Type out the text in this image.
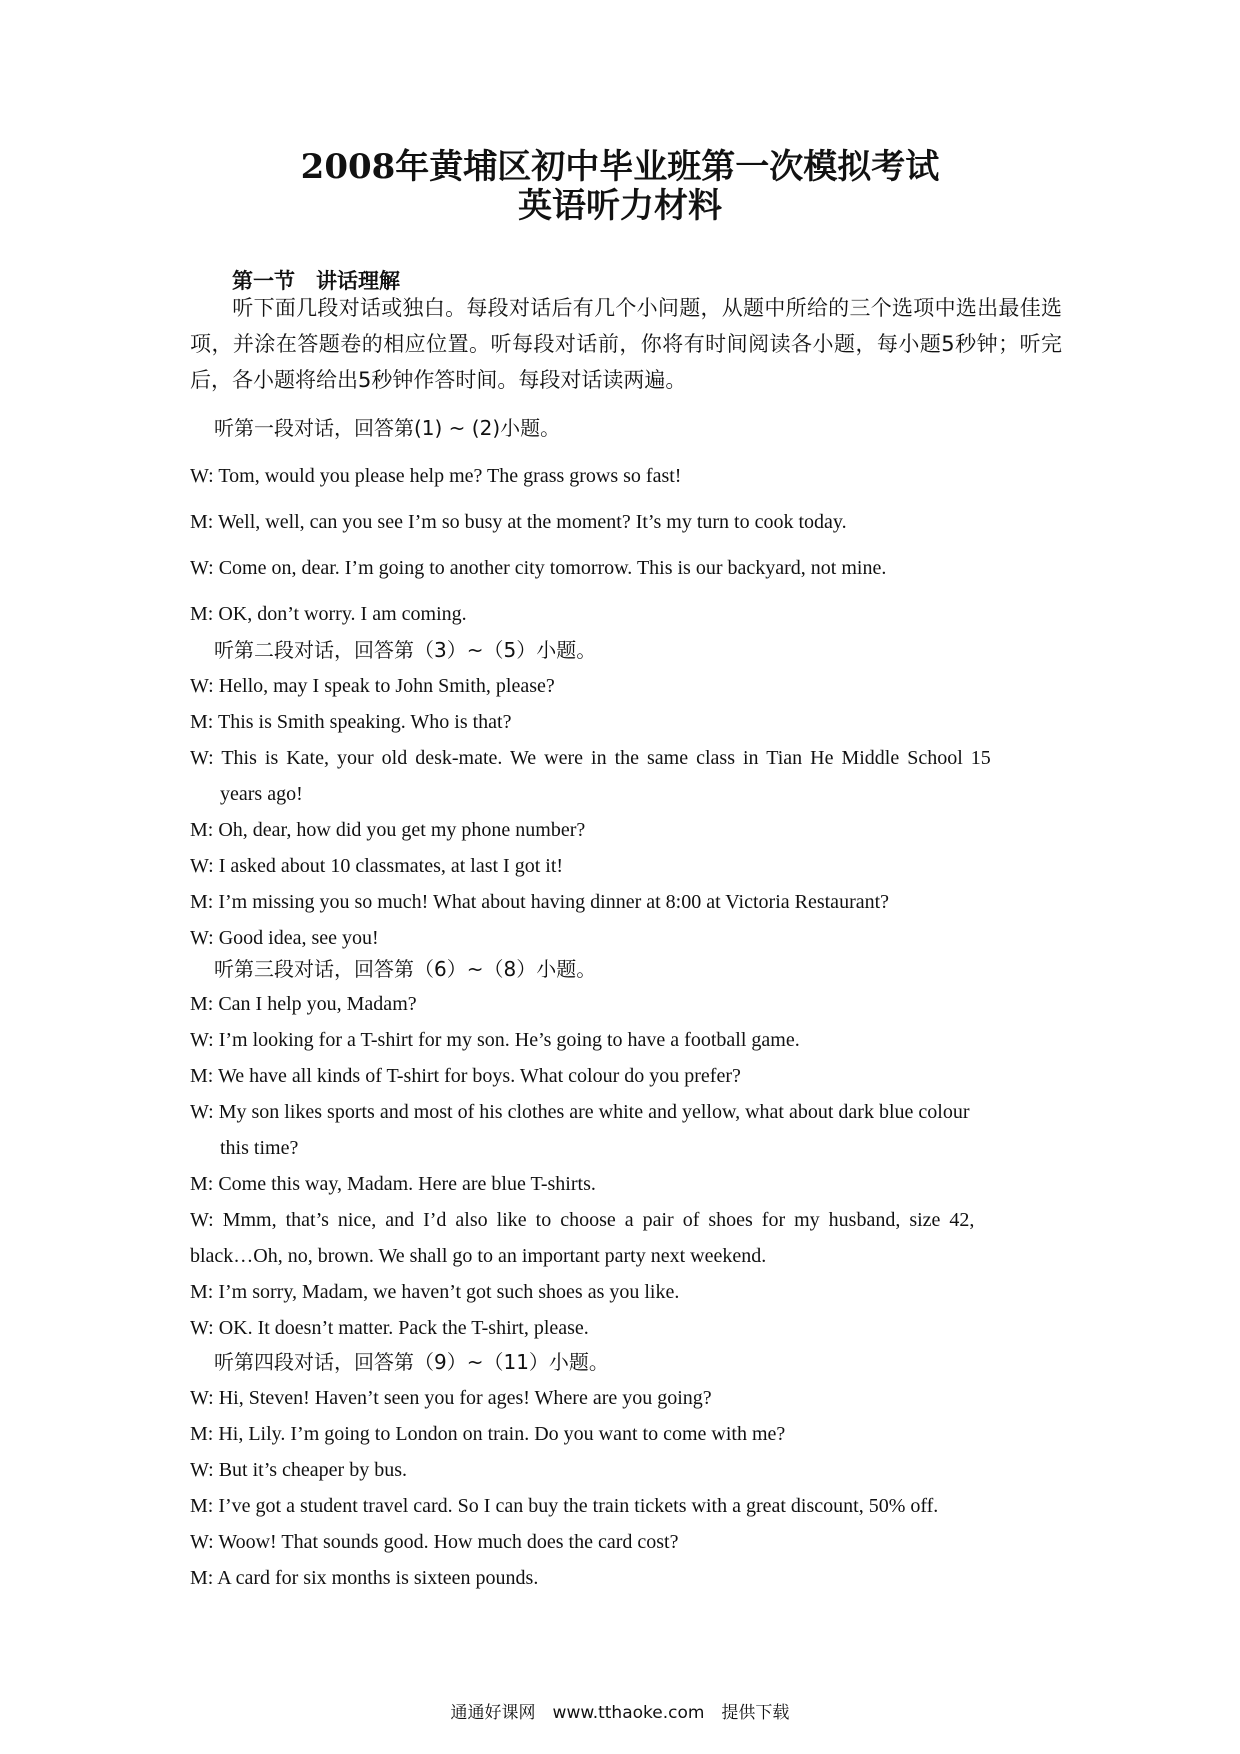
2008年黄埔区初中毕业班第一次模拟考试
英语听力材料
第一节　讲话理解
听下面几段对话或独白。每段对话后有几个小问题，从题中所给的三个选项中选出最佳选项，并涂在答题卷的相应位置。听每段对话前，你将有时间阅读各小题，每小题5秒钟；听完后，各小题将给出5秒钟作答时间。每段对话读两遍。
听第一段对话，回答第(1) ~ (2)小题。
W: Tom, would you please help me? The grass grows so fast!
M: Well, well, can you see I’m so busy at the moment? It’s my turn to cook today.
W: Come on, dear. I’m going to another city tomorrow. This is our backyard, not mine.
M: OK, don’t worry. I am coming.
听第二段对话，回答第（3）~（5）小题。
W: Hello, may I speak to John Smith, please?
M: This is Smith speaking. Who is that?
W: This is Kate, your old desk-mate. We were in the same class in Tian He Middle School 15
years ago!
M: Oh, dear, how did you get my phone number?
W: I asked about 10 classmates, at last I got it!
M: I’m missing you so much! What about having dinner at 8:00 at Victoria Restaurant?
W: Good idea, see you!
听第三段对话，回答第（6）~（8）小题。
M: Can I help you, Madam?
W: I’m looking for a T-shirt for my son. He’s going to have a football game.
M: We have all kinds of T-shirt for boys. What colour do you prefer?
W: My son likes sports and most of his clothes are white and yellow, what about dark blue colour
this time?
M: Come this way, Madam. Here are blue T-shirts.
W: Mmm, that’s nice, and I’d also like to choose a pair of shoes for my husband, size 42,
black…Oh, no, brown. We shall go to an important party next weekend.
M: I’m sorry, Madam, we haven’t got such shoes as you like.
W: OK. It doesn’t matter. Pack the T-shirt, please.
听第四段对话，回答第（9）~（11）小题。
W: Hi, Steven! Haven’t seen you for ages! Where are you going?
M: Hi, Lily. I’m going to London on train. Do you want to come with me?
W: But it’s cheaper by bus.
M: I’ve got a student travel card. So I can buy the train tickets with a great discount, 50% off.
W: Woow! That sounds good. How much does the card cost?
M: A card for six months is sixteen pounds.
通通好课网　www.tthaoke.com　提供下载
